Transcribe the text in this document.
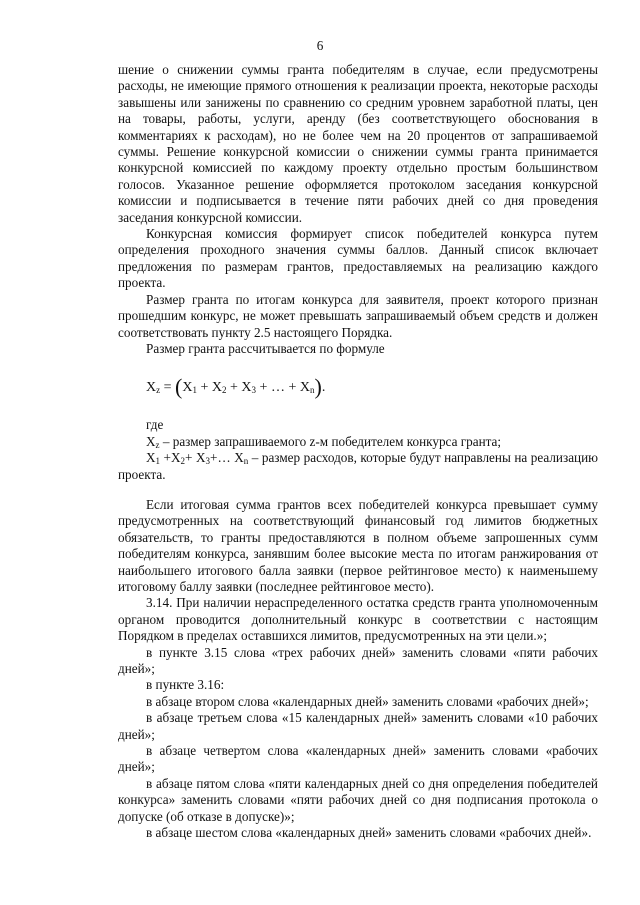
6

шение о снижении суммы гранта победителям в случае, если предусмотрены расходы, не имеющие прямого отношения к реализации проекта, некоторые расходы завышены или занижены по сравнению со средним уровнем заработной платы, цен на товары, работы, услуги, аренду (без соответствующего обоснования в комментариях к расходам), но не более чем на 20 процентов от запрашиваемой суммы. Решение конкурсной комиссии о снижении суммы гранта принимается конкурсной комиссией по каждому проекту отдельно простым большинством голосов. Указанное решение оформляется протоколом заседания конкурсной комиссии и подписывается в течение пяти рабочих дней со дня проведения заседания конкурсной комиссии.

Конкурсная комиссия формирует список победителей конкурса путем определения проходного значения суммы баллов. Данный список включает предложения по размерам грантов, предоставляемых на реализацию каждого проекта.

Размер гранта по итогам конкурса для заявителя, проект которого признан прошедшим конкурс, не может превышать запрашиваемый объем средств и должен соответствовать пункту 2.5 настоящего Порядка.

Размер гранта рассчитывается по формуле

$X_z = (X_1 + X_2 + X_3$ + … + $X_n$).

где

$X_z$ – размер запрашиваемого z-м победителем конкурса гранта;

$X_1 +X_2+$ $X_3+\dots$ $X_n$ – размер расходов, которые будут направлены на реализацию проекта.

Если итоговая сумма грантов всех победителей конкурса превышает сумму предусмотренных на соответствующий финансовый год лимитов бюджетных обязательств, то гранты предоставляются в полном объеме запрошенных сумм победителям конкурса, занявшим более высокие места по итогам ранжирования от наибольшего итогового балла заявки (первое рейтинговое место) к наименьшему итоговому баллу заявки (последнее рейтинговое место).

3.14. При наличии нераспределенного остатка средств гранта уполномоченным органом проводится дополнительный конкурс в соответствии с настоящим Порядком в пределах оставшихся лимитов, предусмотренных на эти цели.»;

в пункте 3.15 слова «трех рабочих дней» заменить словами «пяти рабочих дней»;

в пункте 3.16:

в абзаце втором слова «календарных дней» заменить словами «рабочих дней»;

в абзаце третьем слова «15 календарных дней» заменить словами «10 рабочих дней»;

в абзаце четвертом слова «календарных дней» заменить словами «рабочих дней»;

в абзаце пятом слова «пяти календарных дней со дня определения победителей конкурса» заменить словами «пяти рабочих дней со дня подписания протокола о допуске (об отказе в допуске)»;

в абзаце шестом слова «календарных дней» заменить словами «рабочих дней».
